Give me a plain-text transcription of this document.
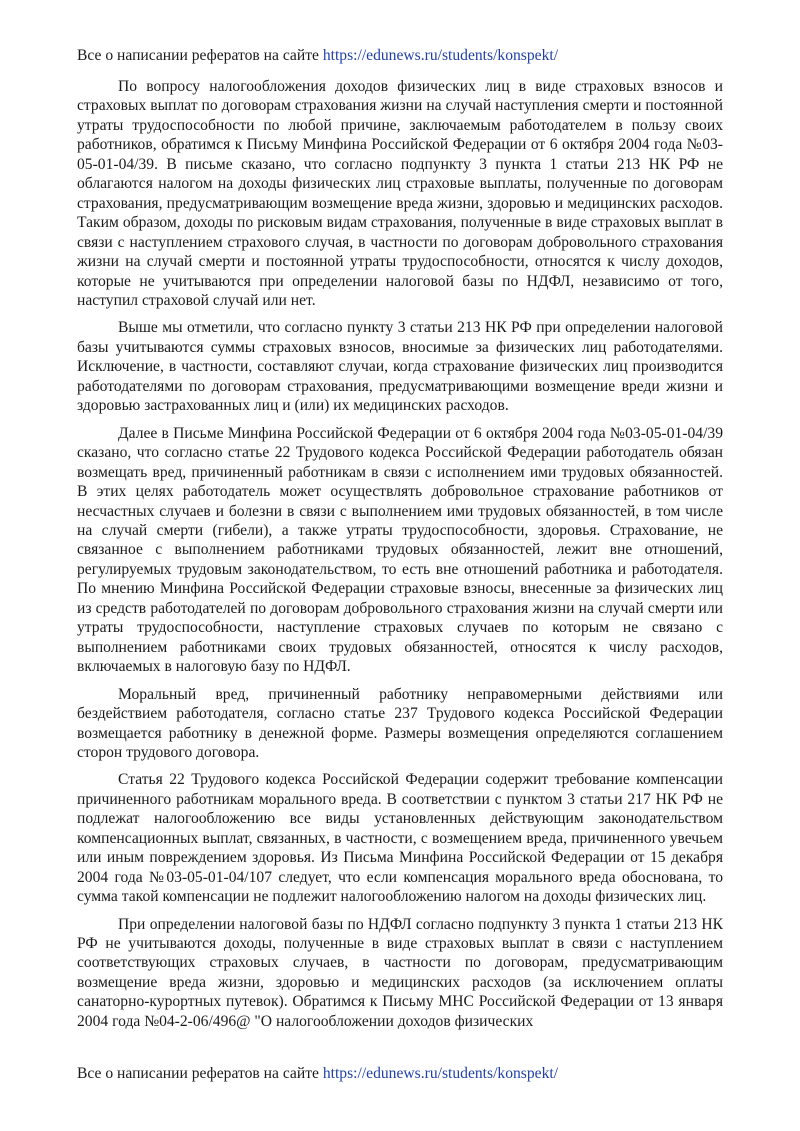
Все о написании рефератов на сайте https://edunews.ru/students/konspekt/

По вопросу налогообложения доходов физических лиц в виде страховых взносов и страховых выплат по договорам страхования жизни на случай наступления смерти и постоянной утраты трудоспособности по любой причине, заключаемым работодателем в пользу своих работников, обратимся к Письму Минфина Российской Федерации от 6 октября 2004 года №03-05-01-04/39. В письме сказано, что согласно подпункту 3 пункта 1 статьи 213 НК РФ не облагаются налогом на доходы физических лиц страховые выплаты, полученные по договорам страхования, предусматривающим возмещение вреда жизни, здоровью и медицинских расходов. Таким образом, доходы по рисковым видам страхования, полученные в виде страховых выплат в связи с наступлением страхового случая, в частности по договорам добровольного страхования жизни на случай смерти и постоянной утраты трудоспособности, относятся к числу доходов, которые не учитываются при определении налоговой базы по НДФЛ, независимо от того, наступил страховой случай или нет.

Выше мы отметили, что согласно пункту 3 статьи 213 НК РФ при определении налоговой базы учитываются суммы страховых взносов, вносимые за физических лиц работодателями. Исключение, в частности, составляют случаи, когда страхование физических лиц производится работодателями по договорам страхования, предусматривающими возмещение вреди жизни и здоровью застрахованных лиц и (или) их медицинских расходов.

Далее в Письме Минфина Российской Федерации от 6 октября 2004 года №03-05-01-04/39 сказано, что согласно статье 22 Трудового кодекса Российской Федерации работодатель обязан возмещать вред, причиненный работникам в связи с исполнением ими трудовых обязанностей. В этих целях работодатель может осуществлять добровольное страхование работников от несчастных случаев и болезни в связи с выполнением ими трудовых обязанностей, в том числе на случай смерти (гибели), а также утраты трудоспособности, здоровья. Страхование, не связанное с выполнением работниками трудовых обязанностей, лежит вне отношений, регулируемых трудовым законодательством, то есть вне отношений работника и работодателя. По мнению Минфина Российской Федерации страховые взносы, внесенные за физических лиц из средств работодателей по договорам добровольного страхования жизни на случай смерти или утраты трудоспособности, наступление страховых случаев по которым не связано с выполнением работниками своих трудовых обязанностей, относятся к числу расходов, включаемых в налоговую базу по НДФЛ.

Моральный вред, причиненный работнику неправомерными действиями или бездействием работодателя, согласно статье 237 Трудового кодекса Российской Федерации возмещается работнику в денежной форме. Размеры возмещения определяются соглашением сторон трудового договора.

Статья 22 Трудового кодекса Российской Федерации содержит требование компенсации причиненного работникам морального вреда. В соответствии с пунктом 3 статьи 217 НК РФ не подлежат налогообложению все виды установленных действующим законодательством компенсационных выплат, связанных, в частности, с возмещением вреда, причиненного увечьем или иным повреждением здоровья. Из Письма Минфина Российской Федерации от 15 декабря 2004 года №03-05-01-04/107 следует, что если компенсация морального вреда обоснована, то сумма такой компенсации не подлежит налогообложению налогом на доходы физических лиц.

При определении налоговой базы по НДФЛ согласно подпункту 3 пункта 1 статьи 213 НК РФ не учитываются доходы, полученные в виде страховых выплат в связи с наступлением соответствующих страховых случаев, в частности по договорам, предусматривающим возмещение вреда жизни, здоровью и медицинских расходов (за исключением оплаты санаторно-курортных путевок). Обратимся к Письму МНС Российской Федерации от 13 января 2004 года №04-2-06/496@ "О налогообложении доходов физических

Все о написании рефератов на сайте https://edunews.ru/students/konspekt/
